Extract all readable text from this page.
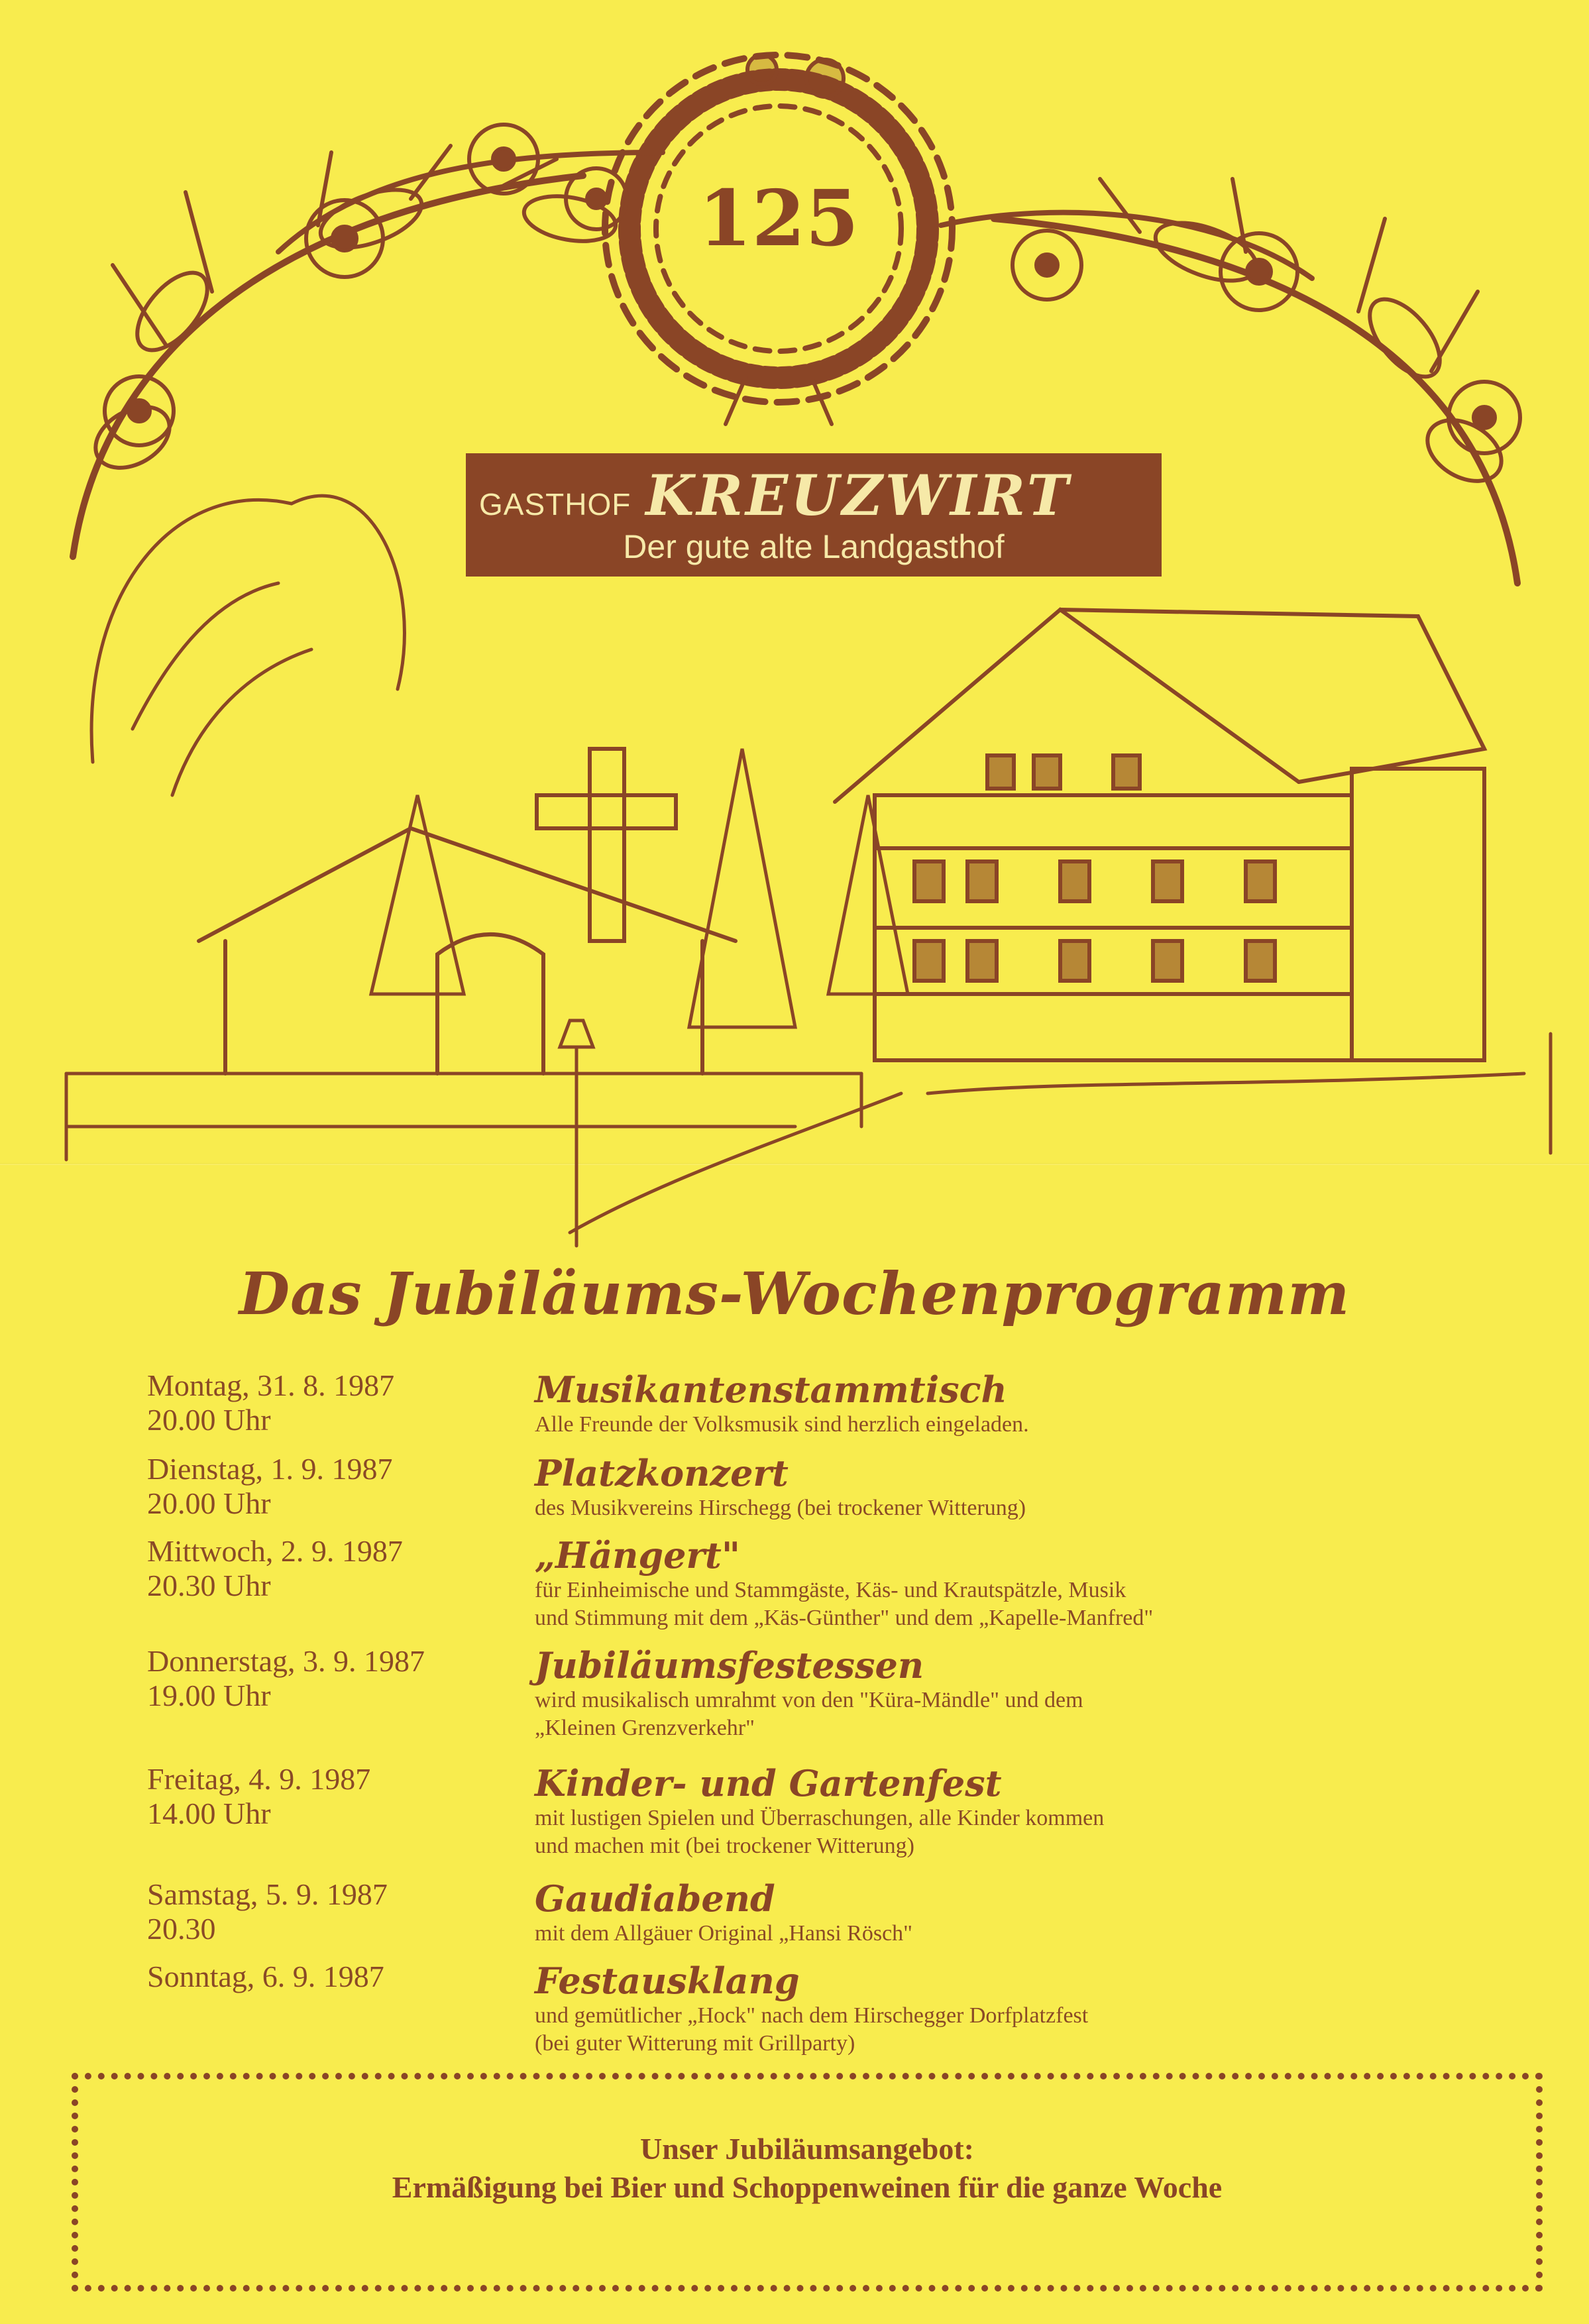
125
GASTHOF KREUZWIRT
Der gute alte Landgasthof
Das Jubiläums-Wochenprogramm
Montag, 31. 8. 1987
20.00 Uhr
Musikantenstammtisch
Alle Freunde der Volksmusik sind herzlich eingeladen.
Dienstag, 1. 9. 1987
20.00 Uhr
Platzkonzert
des Musikvereins Hirschegg (bei trockener Witterung)
Mittwoch, 2. 9. 1987
20.30 Uhr
„Hängert"
für Einheimische und Stammgäste, Käs- und Krautspätzle, Musik
und Stimmung mit dem „Käs-Günther" und dem „Kapelle-Manfred"
Donnerstag, 3. 9. 1987
19.00 Uhr
Jubiläumsfestessen
wird musikalisch umrahmt von den "Küra-Mändle" und dem
„Kleinen Grenzverkehr"
Freitag, 4. 9. 1987
14.00 Uhr
Kinder- und Gartenfest
mit lustigen Spielen und Überraschungen, alle Kinder kommen
und machen mit (bei trockener Witterung)
Samstag, 5. 9. 1987
20.30
Gaudiabend
mit dem Allgäuer Original „Hansi Rösch"
Sonntag, 6. 9. 1987	Festausklang
und gemütlicher „Hock" nach dem Hirschegger Dorfplatzfest
(bei guter Witterung mit Grillparty)
Unser Jubiläumsangebot:
Ermäßigung bei Bier und Schoppenweinen für die ganze Woche
